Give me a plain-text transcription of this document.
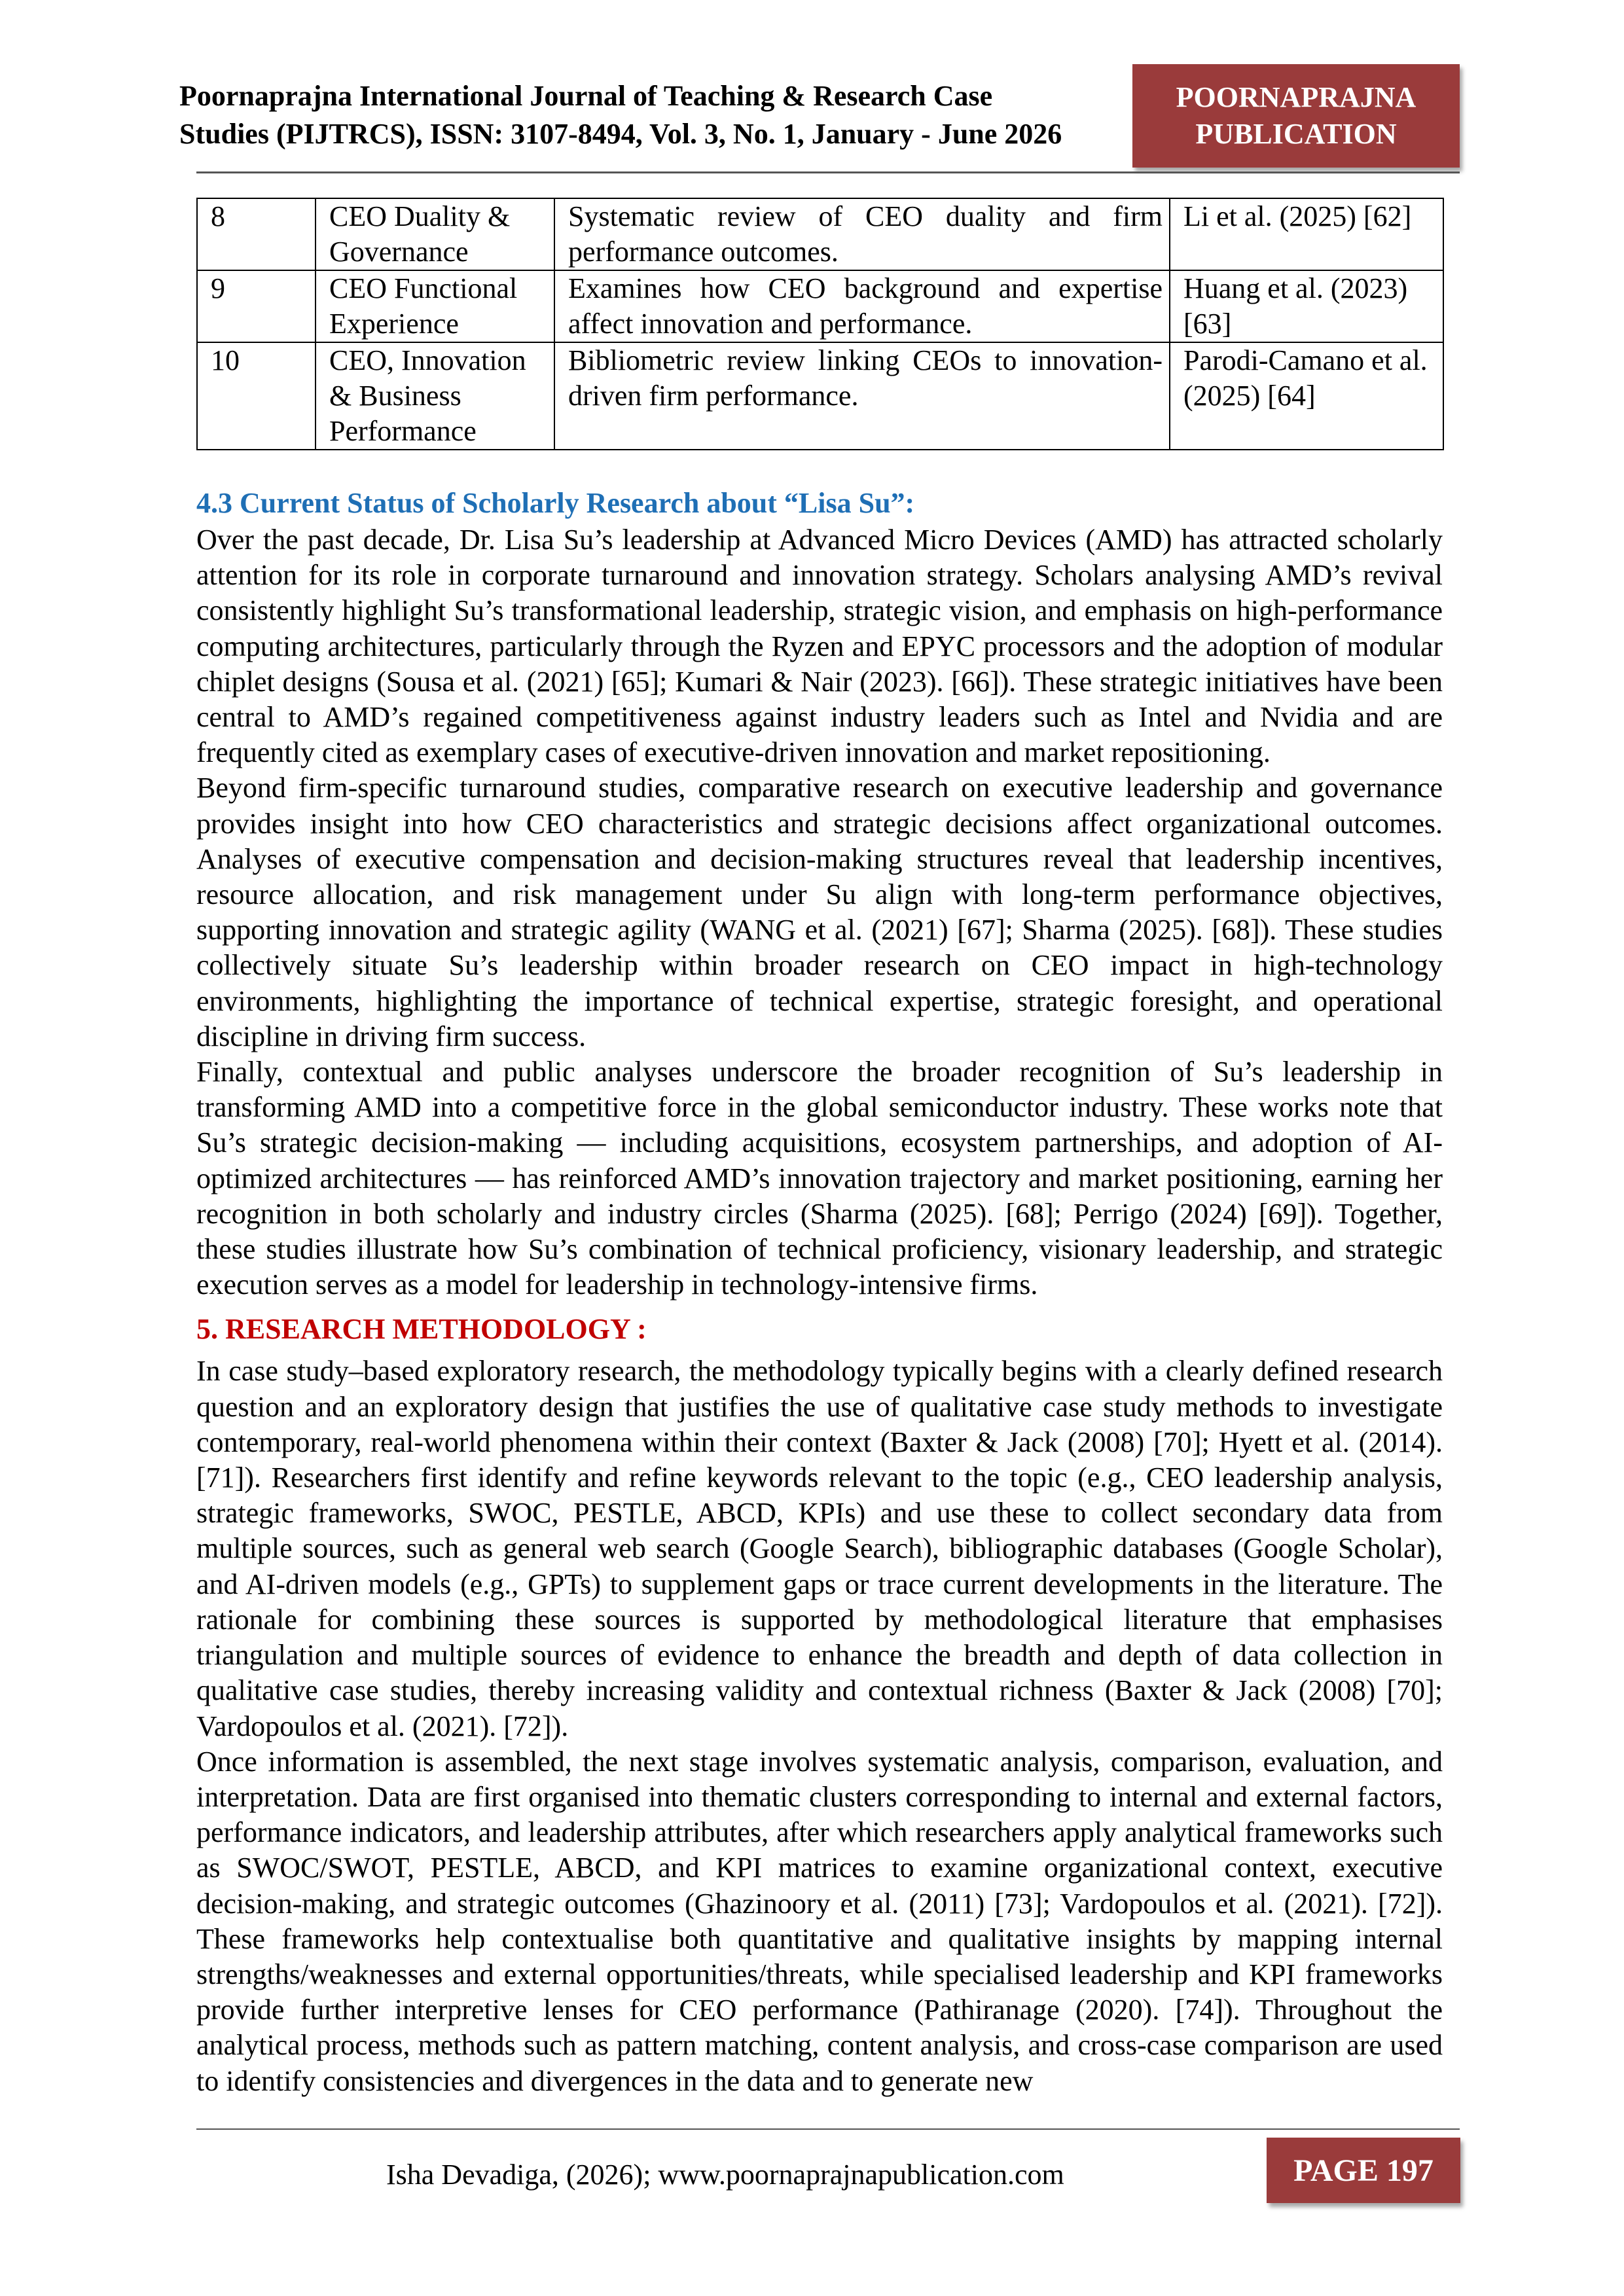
Poornaprajna International Journal of Teaching & Research Case
Studies (PIJTRCS), ISSN: 3107-8494, Vol. 3, No. 1, January - June 2026
POORNAPRAJNA
PUBLICATION
8	CEO Duality & Governance	Systematic review of CEO duality and firm performance outcomes.	Li et al. (2025) [62]
9	CEO Functional Experience	Examines how CEO background and expertise affect innovation and performance.	Huang et al. (2023) [63]
10	CEO, Innovation & Business Performance	Bibliometric review linking CEOs to innovation-driven firm performance.	Parodi-Camano et al. (2025) [64]
4.3 Current Status of Scholarly Research about “Lisa Su”:

Over the past decade, Dr. Lisa Su’s leadership at Advanced Micro Devices (AMD) has attracted scholarly attention for its role in corporate turnaround and innovation strategy. Scholars analysing AMD’s revival consistently highlight Su’s transformational leadership, strategic vision, and emphasis on high-performance computing architectures, particularly through the Ryzen and EPYC processors and the adoption of modular chiplet designs (Sousa et al. (2021) [65]; Kumari & Nair (2023). [66]). These strategic initiatives have been central to AMD’s regained competitiveness against industry leaders such as Intel and Nvidia and are frequently cited as exemplary cases of executive-driven innovation and market repositioning.

Beyond firm-specific turnaround studies, comparative research on executive leadership and governance provides insight into how CEO characteristics and strategic decisions affect organizational outcomes. Analyses of executive compensation and decision-making structures reveal that leadership incentives, resource allocation, and risk management under Su align with long-term performance objectives, supporting innovation and strategic agility (WANG et al. (2021) [67]; Sharma (2025). [68]). These studies collectively situate Su’s leadership within broader research on CEO impact in high-technology environments, highlighting the importance of technical expertise, strategic foresight, and operational discipline in driving firm success.

Finally, contextual and public analyses underscore the broader recognition of Su’s leadership in transforming AMD into a competitive force in the global semiconductor industry. These works note that Su’s strategic decision-making — including acquisitions, ecosystem partnerships, and adoption of AI-optimized architectures — has reinforced AMD’s innovation trajectory and market positioning, earning her recognition in both scholarly and industry circles (Sharma (2025). [68]; Perrigo (2024) [69]). Together, these studies illustrate how Su’s combination of technical proficiency, visionary leadership, and strategic execution serves as a model for leadership in technology-intensive firms.

5. RESEARCH METHODOLOGY :

In case study–based exploratory research, the methodology typically begins with a clearly defined research question and an exploratory design that justifies the use of qualitative case study methods to investigate contemporary, real-world phenomena within their context (Baxter & Jack (2008) [70]; Hyett et al. (2014). [71]). Researchers first identify and refine keywords relevant to the topic (e.g., CEO leadership analysis, strategic frameworks, SWOC, PESTLE, ABCD, KPIs) and use these to collect secondary data from multiple sources, such as general web search (Google Search), bibliographic databases (Google Scholar), and AI-driven models (e.g., GPTs) to supplement gaps or trace current developments in the literature. The rationale for combining these sources is supported by methodological literature that emphasises triangulation and multiple sources of evidence to enhance the breadth and depth of data collection in qualitative case studies, thereby increasing validity and contextual richness (Baxter & Jack (2008) [70]; Vardopoulos et al. (2021). [72]).

Once information is assembled, the next stage involves systematic analysis, comparison, evaluation, and interpretation. Data are first organised into thematic clusters corresponding to internal and external factors, performance indicators, and leadership attributes, after which researchers apply analytical frameworks such as SWOC/SWOT, PESTLE, ABCD, and KPI matrices to examine organizational context, executive decision-making, and strategic outcomes (Ghazinoory et al. (2011) [73]; Vardopoulos et al. (2021). [72]). These frameworks help contextualise both quantitative and qualitative insights by mapping internal strengths/weaknesses and external opportunities/threats, while specialised leadership and KPI frameworks provide further interpretive lenses for CEO performance (Pathiranage (2020). [74]). Throughout the analytical process, methods such as pattern matching, content analysis, and cross-case comparison are used to identify consistencies and divergences in the data and to generate new

Isha Devadiga, (2026); www.poornaprajnapublication.com	PAGE 197
